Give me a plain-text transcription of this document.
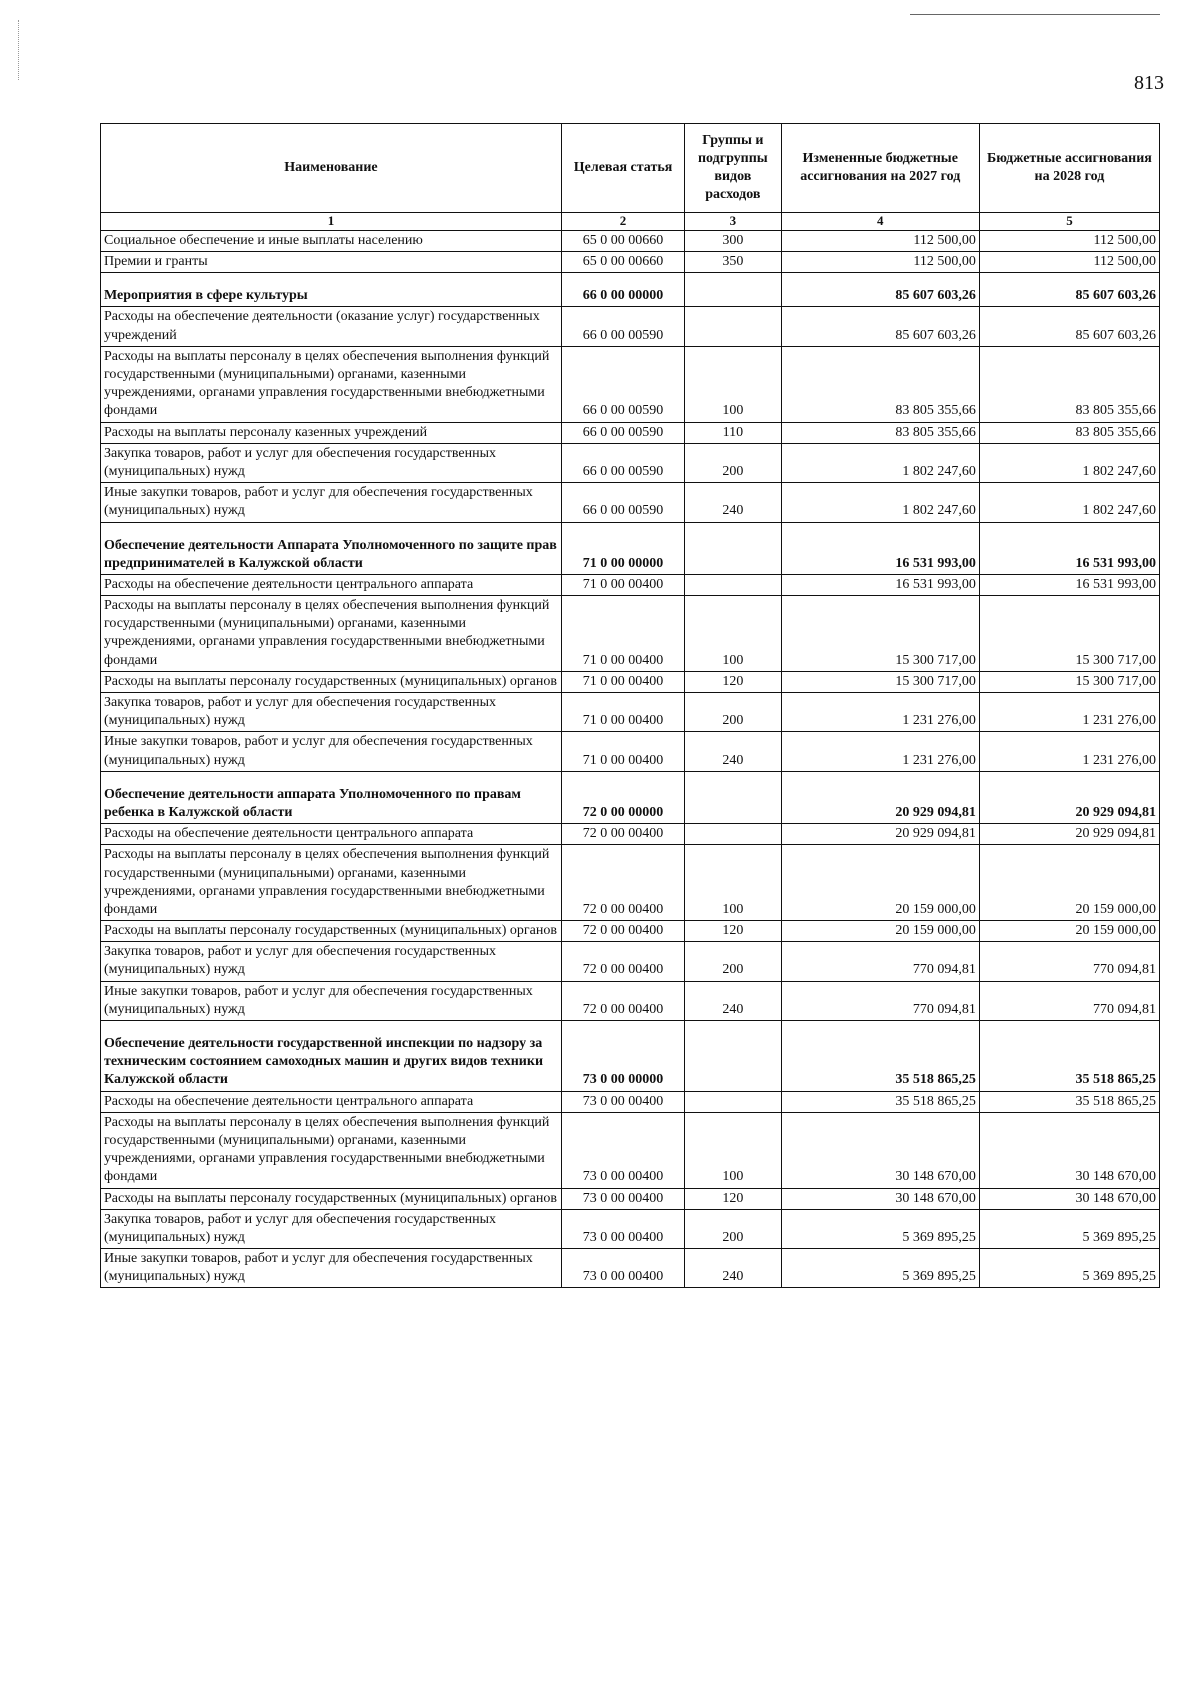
813
Наименование	Целевая статья	Группы и подгруппы видов расходов	Измененные бюджетные ассигнования на 2027 год	Бюджетные ассигнования на 2028 год
1	2	3	4	5
Социальное обеспечение и иные выплаты населению	65 0 00 00660	300	112 500,00	112 500,00
Премии и гранты	65 0 00 00660	350	112 500,00	112 500,00
Мероприятия в сфере культуры	66 0 00 00000		85 607 603,26	85 607 603,26
Расходы на обеспечение деятельности (оказание услуг) государственных учреждений	66 0 00 00590		85 607 603,26	85 607 603,26
Расходы на выплаты персоналу в целях обеспечения выполнения функций государственными (муниципальными) органами, казенными учреждениями, органами управления государственными внебюджетными фондами	66 0 00 00590	100	83 805 355,66	83 805 355,66
Расходы на выплаты персоналу казенных учреждений	66 0 00 00590	110	83 805 355,66	83 805 355,66
Закупка товаров, работ и услуг для обеспечения государственных (муниципальных) нужд	66 0 00 00590	200	1 802 247,60	1 802 247,60
Иные закупки товаров, работ и услуг для обеспечения государственных (муниципальных) нужд	66 0 00 00590	240	1 802 247,60	1 802 247,60
Обеспечение деятельности Аппарата Уполномоченного по защите прав предпринимателей в Калужской области	71 0 00 00000		16 531 993,00	16 531 993,00
Расходы на обеспечение деятельности центрального аппарата	71 0 00 00400		16 531 993,00	16 531 993,00
Расходы на выплаты персоналу в целях обеспечения выполнения функций государственными (муниципальными) органами, казенными учреждениями, органами управления государственными внебюджетными фондами	71 0 00 00400	100	15 300 717,00	15 300 717,00
Расходы на выплаты персоналу государственных (муниципальных) органов	71 0 00 00400	120	15 300 717,00	15 300 717,00
Закупка товаров, работ и услуг для обеспечения государственных (муниципальных) нужд	71 0 00 00400	200	1 231 276,00	1 231 276,00
Иные закупки товаров, работ и услуг для обеспечения государственных (муниципальных) нужд	71 0 00 00400	240	1 231 276,00	1 231 276,00
Обеспечение деятельности аппарата Уполномоченного по правам ребенка в Калужской области	72 0 00 00000		20 929 094,81	20 929 094,81
Расходы на обеспечение деятельности центрального аппарата	72 0 00 00400		20 929 094,81	20 929 094,81
Расходы на выплаты персоналу в целях обеспечения выполнения функций государственными (муниципальными) органами, казенными учреждениями, органами управления государственными внебюджетными фондами	72 0 00 00400	100	20 159 000,00	20 159 000,00
Расходы на выплаты персоналу государственных (муниципальных) органов	72 0 00 00400	120	20 159 000,00	20 159 000,00
Закупка товаров, работ и услуг для обеспечения государственных (муниципальных) нужд	72 0 00 00400	200	770 094,81	770 094,81
Иные закупки товаров, работ и услуг для обеспечения государственных (муниципальных) нужд	72 0 00 00400	240	770 094,81	770 094,81
Обеспечение деятельности государственной инспекции по надзору за техническим состоянием самоходных машин и других видов техники Калужской области	73 0 00 00000		35 518 865,25	35 518 865,25
Расходы на обеспечение деятельности центрального аппарата	73 0 00 00400		35 518 865,25	35 518 865,25
Расходы на выплаты персоналу в целях обеспечения выполнения функций государственными (муниципальными) органами, казенными учреждениями, органами управления государственными внебюджетными фондами	73 0 00 00400	100	30 148 670,00	30 148 670,00
Расходы на выплаты персоналу государственных (муниципальных) органов	73 0 00 00400	120	30 148 670,00	30 148 670,00
Закупка товаров, работ и услуг для обеспечения государственных (муниципальных) нужд	73 0 00 00400	200	5 369 895,25	5 369 895,25
Иные закупки товаров, работ и услуг для обеспечения государственных (муниципальных) нужд	73 0 00 00400	240	5 369 895,25	5 369 895,25
